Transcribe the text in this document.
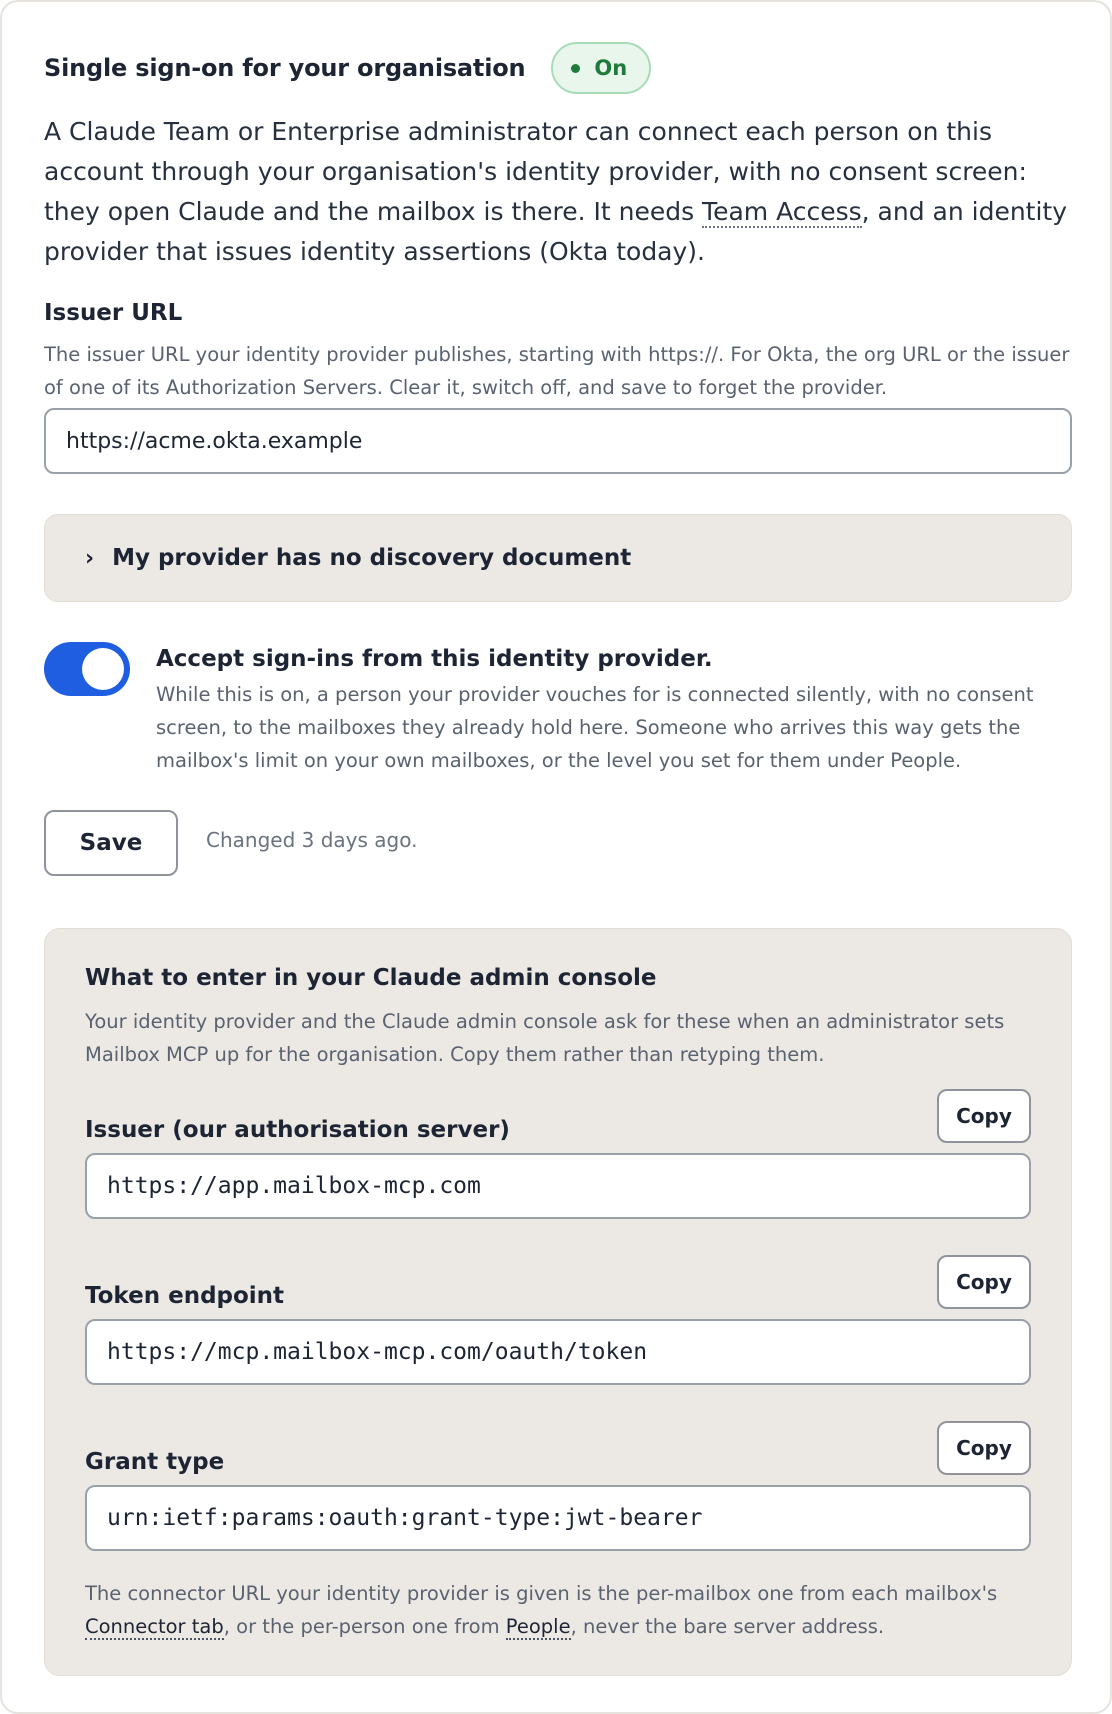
Single sign-on for your organisation	On

A Claude Team or Enterprise administrator can connect each person on this account through your organisation's identity provider, with no consent screen: they open Claude and the mailbox is there. It needs Team Access, and an identity provider that issues identity assertions (Okta today).

Issuer URL

The issuer URL your identity provider publishes, starting with https://. For Okta, the org URL or the issuer of one of its Authorization Servers. Clear it, switch off, and save to forget the provider.

https://acme.okta.example
› My provider has no discovery document
Accept sign-ins from this identity provider.

While this is on, a person your provider vouches for is connected silently, with no consent screen, to the mailboxes they already hold here. Someone who arrives this way gets the mailbox's limit on your own mailboxes, or the level you set for them under People.

Save	Changed 3 days ago.
What to enter in your Claude admin console

Your identity provider and the Claude admin console ask for these when an administrator sets Mailbox MCP up for the organisation. Copy them rather than retyping them.

Issuer (our authorisation server)
Copy
https://app.mailbox-mcp.com
Token endpoint
Copy
https://mcp.mailbox-mcp.com/oauth/token
Grant type
Copy
urn:ietf:params:oauth:grant-type:jwt-bearer

The connector URL your identity provider is given is the per-mailbox one from each mailbox's Connector tab, or the per-person one from People, never the bare server address.
